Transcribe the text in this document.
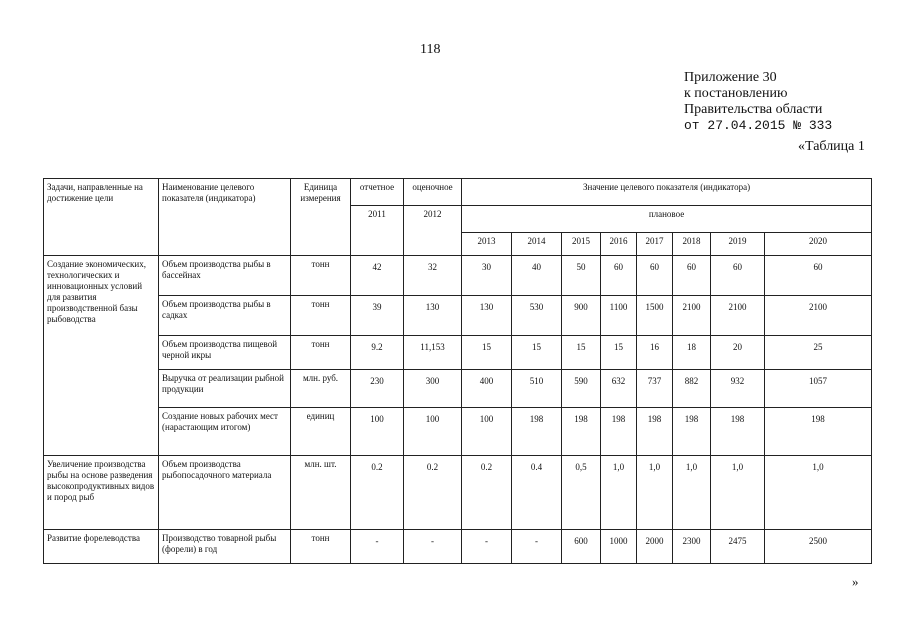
118
Приложение 30
к постановлению
Правительства области
от 27.04.2015 № 333
«Таблица 1
Задачи, направленные на достижение цели	Наименование целевого показателя (индикатора)	Единица измерения	отчетное	оценочное	Значение целевого показателя (индикатора)							
			2011	2012	плановое							
					2013	2014	2015	2016	2017	2018	2019	2020
Создание экономических, технологических и инновационных условий для развития производственной базы рыбоводства	Объем производства рыбы в бассейнах	тонн	42	32	30	40	50	60	60	60	60	60
	Объем производства рыбы в садках	тонн	39	130	130	530	900	1100	1500	2100	2100	2100
	Объем производства пищевой черной икры	тонн	9.2	11,153	15	15	15	15	16	18	20	25
	Выручка от реализации рыбной продукции	млн. руб.	230	300	400	510	590	632	737	882	932	1057
	Создание новых рабочих мест (нарастающим итогом)	единиц	100	100	100	198	198	198	198	198	198	198
Увеличение производства рыбы на основе разведения высокопродуктивных видов и пород рыб	Объем производства рыбопосадочного материала	млн. шт.	0.2	0.2	0.2	0.4	0,5	1,0	1,0	1,0	1,0	1,0
Развитие форелеводства	Производство товарной рыбы (форели) в год	тонн	-	-	-	-	600	1000	2000	2300	2475	2500
»
